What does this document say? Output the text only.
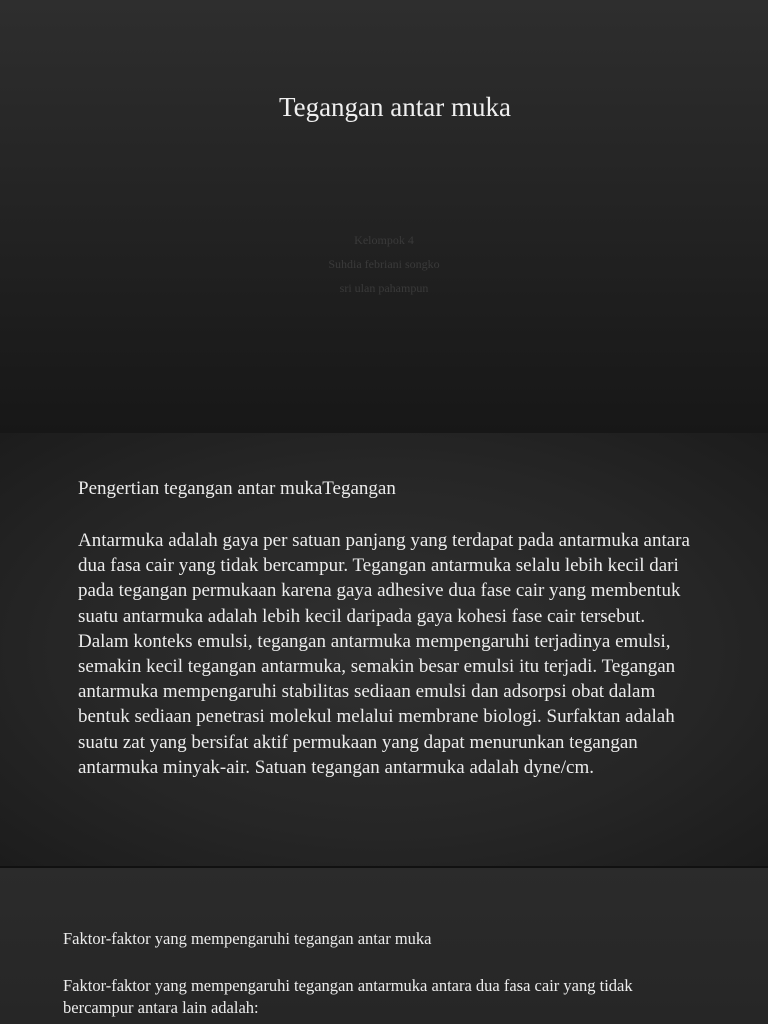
Tegangan antar muka
Kelompok 4
Suhdia febriani songko
sri ulan pahampun

Pengertian tegangan antar mukaTegangan

Antarmuka adalah gaya per satuan panjang yang terdapat pada antarmuka antara dua fasa cair yang tidak bercampur. Tegangan antarmuka selalu lebih kecil dari pada tegangan permukaan karena gaya adhesive dua fase cair yang membentuk suatu antarmuka adalah lebih kecil daripada gaya kohesi fase cair tersebut. Dalam konteks emulsi, tegangan antarmuka mempengaruhi terjadinya emulsi, semakin kecil tegangan antarmuka, semakin besar emulsi itu terjadi. Tegangan antarmuka mempengaruhi stabilitas sediaan emulsi dan adsorpsi obat dalam bentuk sediaan penetrasi molekul melalui membrane biologi. Surfaktan adalah suatu zat yang bersifat aktif permukaan yang dapat menurunkan tegangan antarmuka minyak-air. Satuan tegangan antarmuka adalah dyne/cm.

Faktor-faktor yang mempengaruhi tegangan antar muka

Faktor-faktor yang mempengaruhi tegangan antarmuka antara dua fasa cair yang tidak bercampur antara lain adalah:
